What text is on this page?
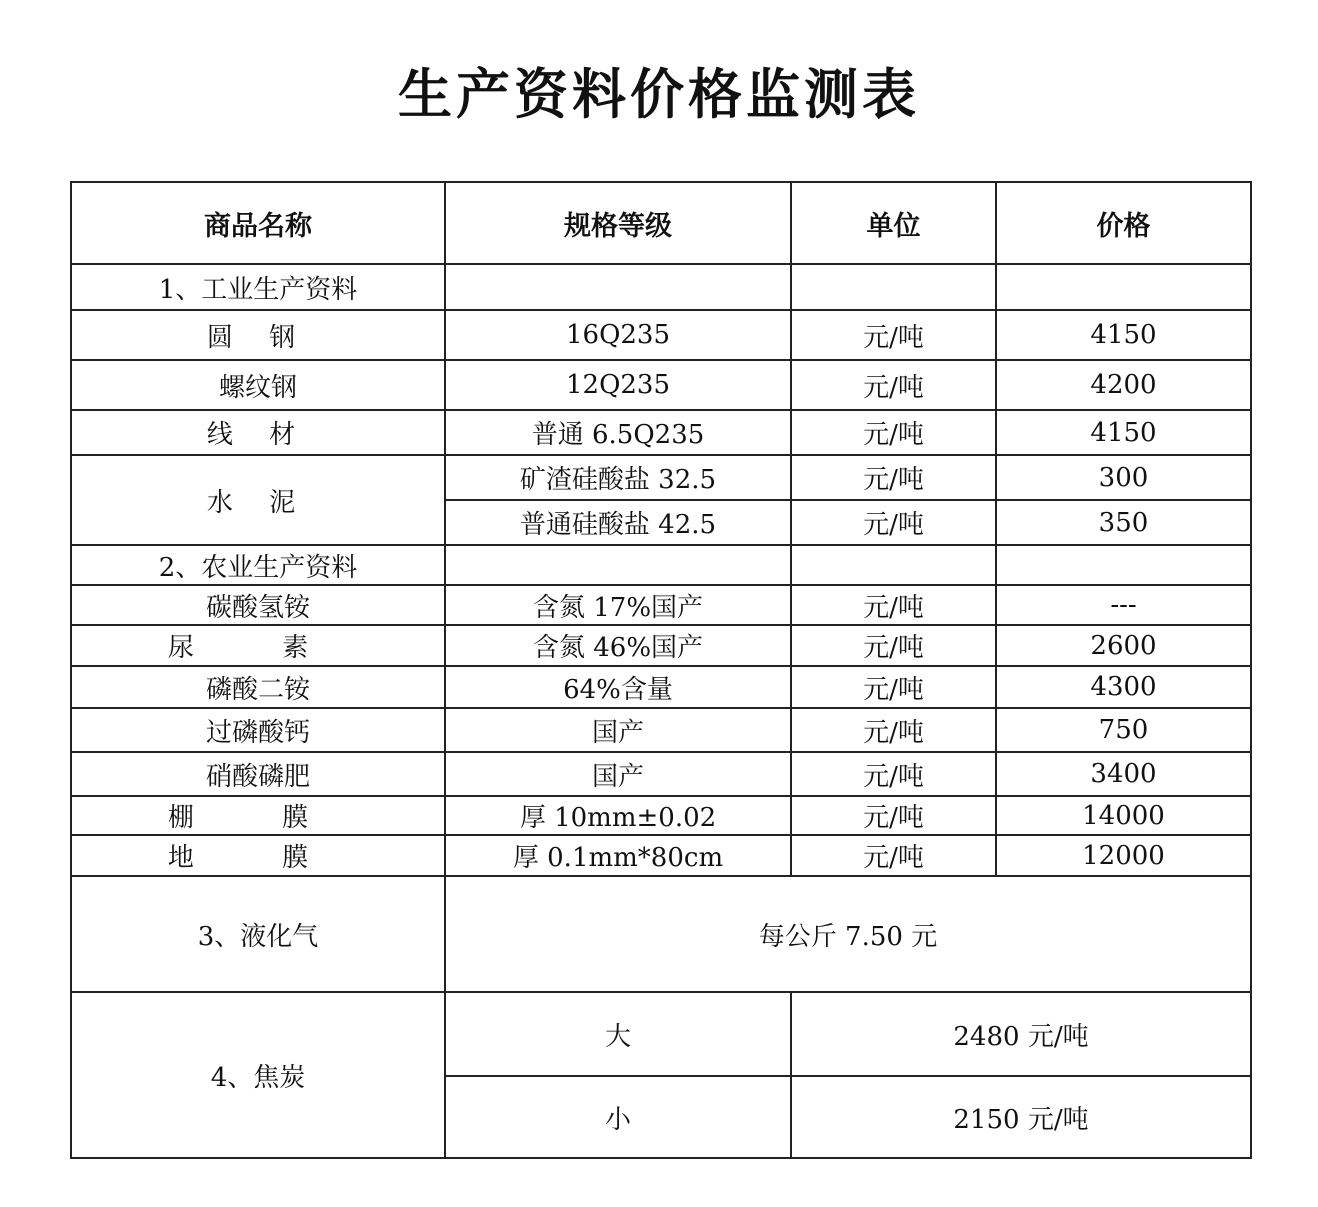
生产资料价格监测表
商品名称	规格等级	单位	价格
1、工业生产资料			
圆 钢	16Q235	元/吨	4150
螺纹钢	12Q235	元/吨	4200
线 材	普通 6.5Q235	元/吨	4150
水 泥	矿渣硅酸盐 32.5	元/吨	300
	普通硅酸盐 42.5	元/吨	350
2、农业生产资料			
碳酸氢铵	含氮 17%国产	元/吨	---
尿 素	含氮 46%国产	元/吨	2600
磷酸二铵	64%含量	元/吨	4300
过磷酸钙	国产	元/吨	750
硝酸磷肥	国产	元/吨	3400
棚 膜	厚 10mm±0.02	元/吨	14000
地 膜	厚 0.1mm*80cm	元/吨	12000
3、液化气	每公斤 7.50 元		
4、焦炭	大	2480 元/吨	
	小	2150 元/吨	
